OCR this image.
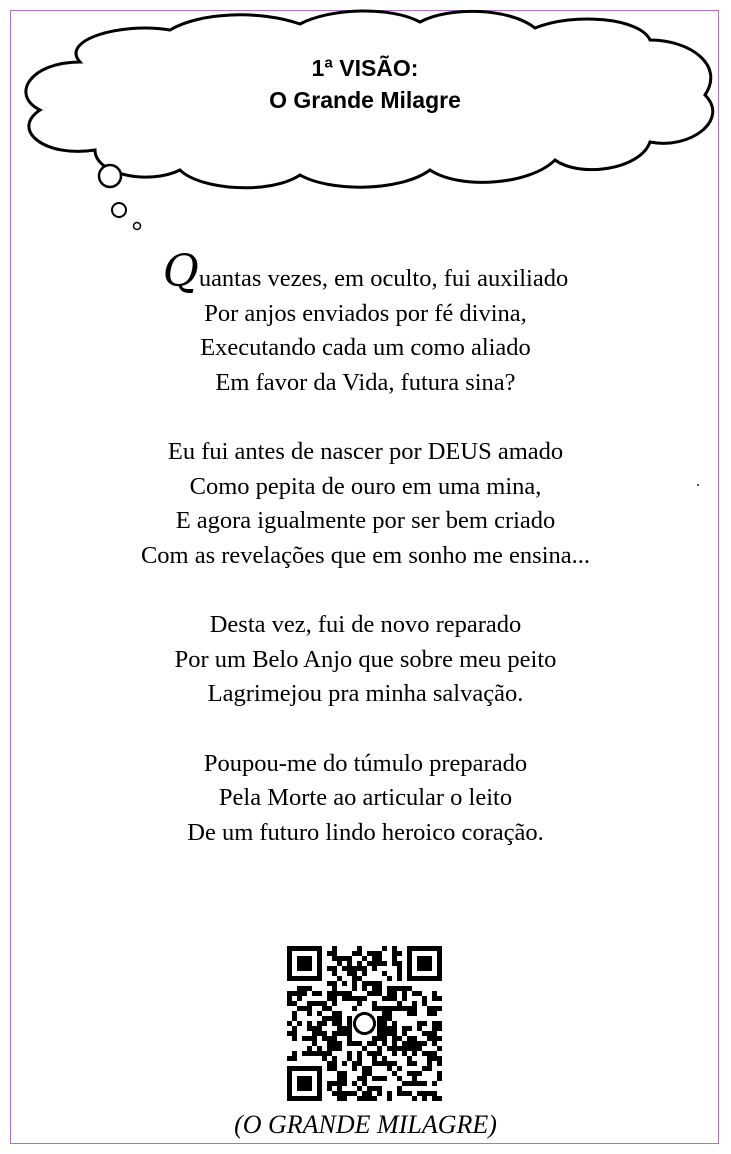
1ª VISÃO:
O Grande Milagre
Quantas vezes, em oculto, fui auxiliado
Por anjos enviados por fé divina,
Executando cada um como aliado
Em favor da Vida, futura sina?
Eu fui antes de nascer por DEUS amado
Como pepita de ouro em uma mina,
E agora igualmente por ser bem criado
Com as revelações que em sonho me ensina...
Desta vez, fui de novo reparado
Por um Belo Anjo que sobre meu peito
Lagrimejou pra minha salvação.
Poupou-me do túmulo preparado
Pela Morte ao articular o leito
De um futuro lindo heroico coração.
(O GRANDE MILAGRE)
